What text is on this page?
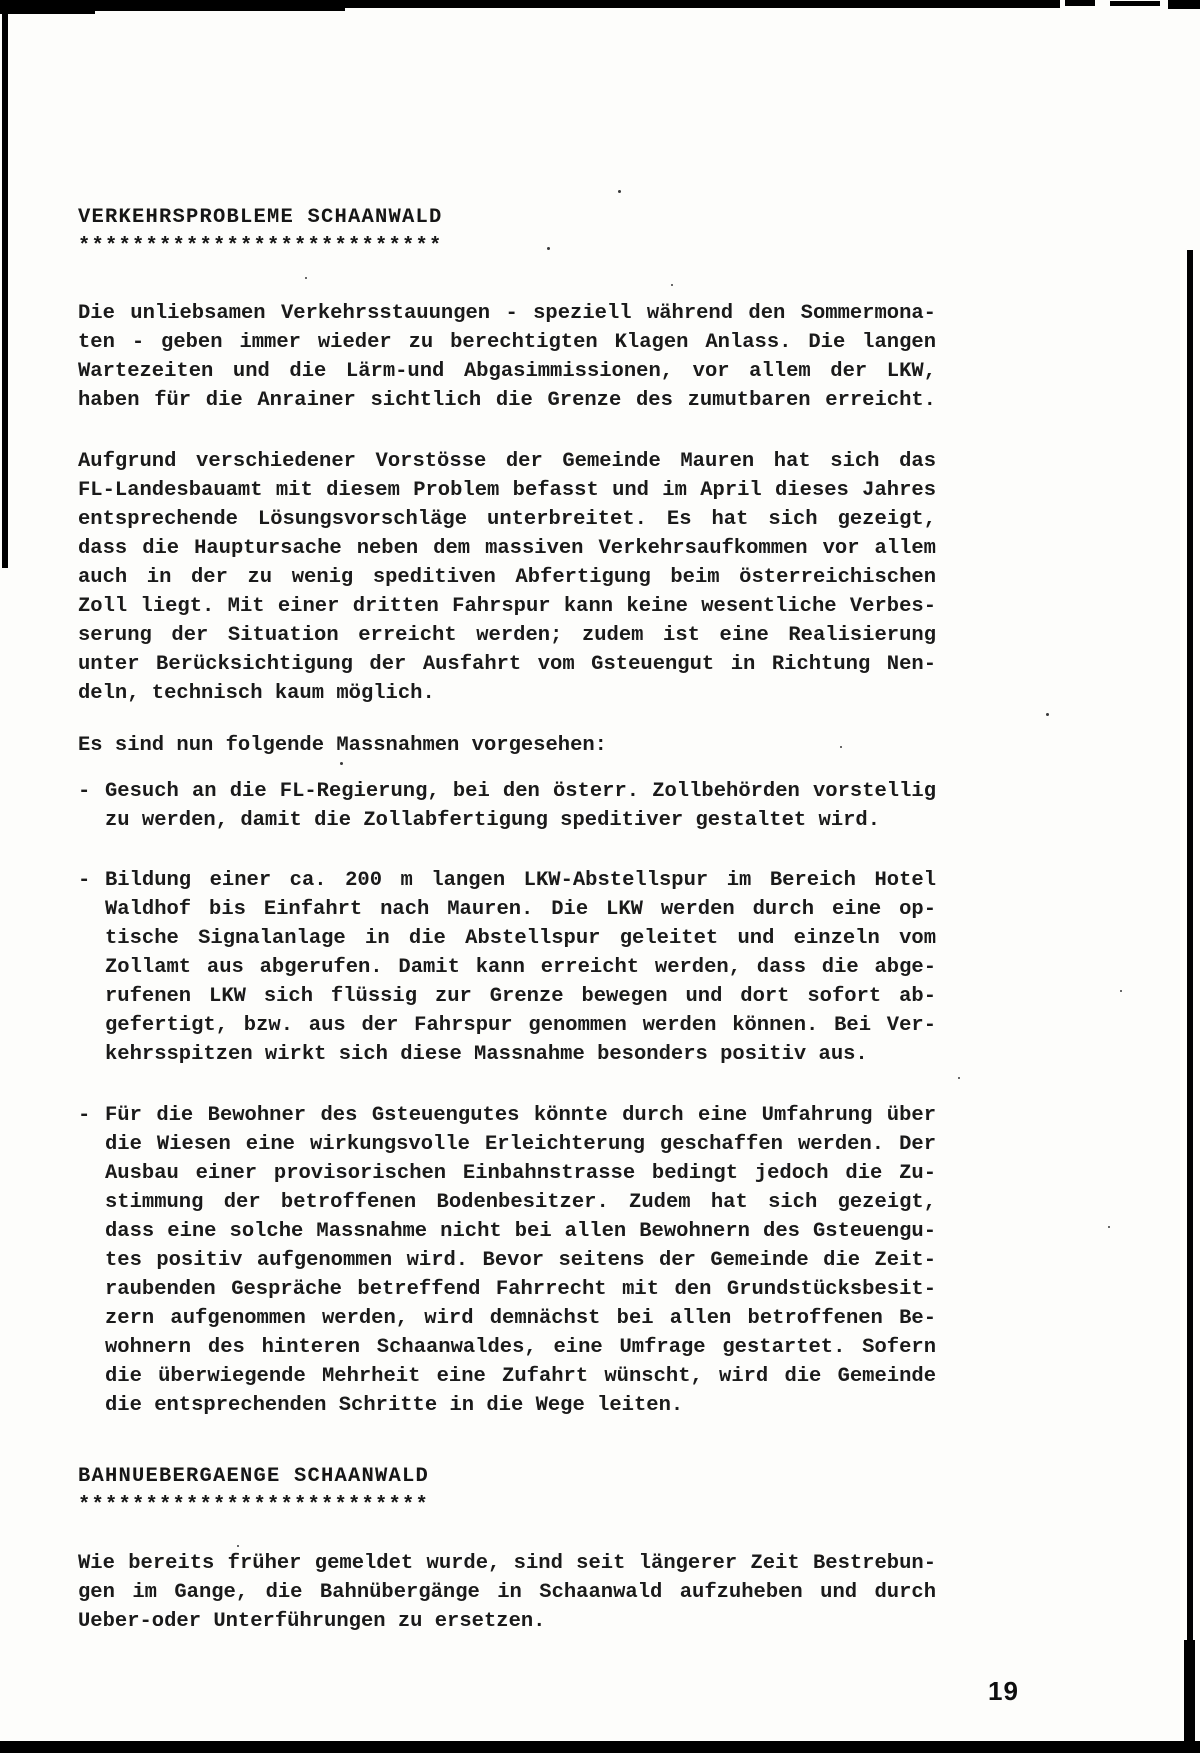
VERKEHRSPROBLEME SCHAANWALD
***************************
Die unliebsamen Verkehrsstauungen - speziell während den Sommermona-
ten - geben immer wieder zu berechtigten Klagen Anlass. Die langen
Wartezeiten und die Lärm-und Abgasimmissionen, vor allem der LKW,
haben für die Anrainer sichtlich die Grenze des zumutbaren erreicht.
Aufgrund verschiedener Vorstösse der Gemeinde Mauren hat sich das
FL-Landesbauamt mit diesem Problem befasst und im April dieses Jahres
entsprechende Lösungsvorschläge unterbreitet. Es hat sich gezeigt,
dass die Hauptursache neben dem massiven Verkehrsaufkommen vor allem
auch in der zu wenig speditiven Abfertigung beim österreichischen
Zoll liegt. Mit einer dritten Fahrspur kann keine wesentliche Verbes-
serung der Situation erreicht werden; zudem ist eine Realisierung
unter Berücksichtigung der Ausfahrt vom Gsteuengut in Richtung Nen-
deln, technisch kaum möglich.
Es sind nun folgende Massnahmen vorgesehen:
- Gesuch an die FL-Regierung, bei den österr. Zollbehörden vorstellig
zu werden, damit die Zollabfertigung speditiver gestaltet wird.
- Bildung einer ca. 200 m langen LKW-Abstellspur im Bereich Hotel
Waldhof bis Einfahrt nach Mauren. Die LKW werden durch eine op-
tische Signalanlage in die Abstellspur geleitet und einzeln vom
Zollamt aus abgerufen. Damit kann erreicht werden, dass die abge-
rufenen LKW sich flüssig zur Grenze bewegen und dort sofort ab-
gefertigt, bzw. aus der Fahrspur genommen werden können. Bei Ver-
kehrsspitzen wirkt sich diese Massnahme besonders positiv aus.
- Für die Bewohner des Gsteuengutes könnte durch eine Umfahrung über
die Wiesen eine wirkungsvolle Erleichterung geschaffen werden. Der
Ausbau einer provisorischen Einbahnstrasse bedingt jedoch die Zu-
stimmung der betroffenen Bodenbesitzer. Zudem hat sich gezeigt,
dass eine solche Massnahme nicht bei allen Bewohnern des Gsteuengu-
tes positiv aufgenommen wird. Bevor seitens der Gemeinde die Zeit-
raubenden Gespräche betreffend Fahrrecht mit den Grundstücksbesit-
zern aufgenommen werden, wird demnächst bei allen betroffenen Be-
wohnern des hinteren Schaanwaldes, eine Umfrage gestartet. Sofern
die überwiegende Mehrheit eine Zufahrt wünscht, wird die Gemeinde
die entsprechenden Schritte in die Wege leiten.
BAHNUEBERGAENGE SCHAANWALD
**************************
Wie bereits früher gemeldet wurde, sind seit längerer Zeit Bestrebun-
gen im Gange, die Bahnübergänge in Schaanwald aufzuheben und durch
Ueber-oder Unterführungen zu ersetzen.
19
